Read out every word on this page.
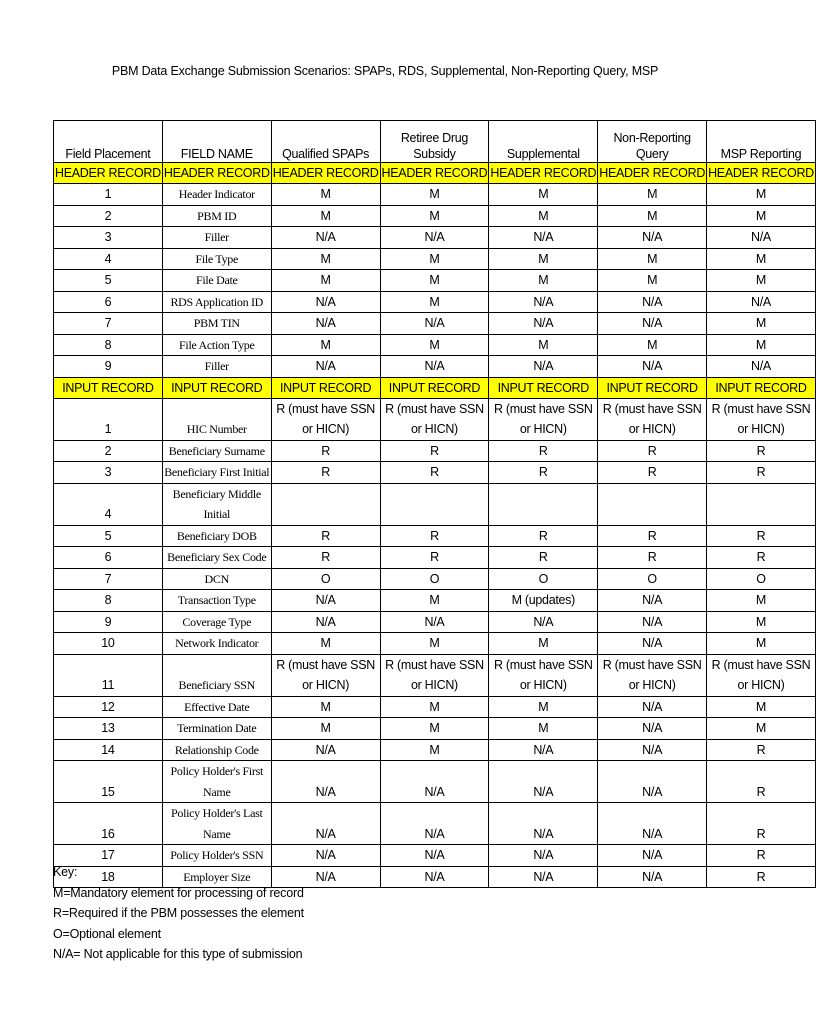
PBM Data Exchange Submission Scenarios: SPAPs, RDS, Supplemental, Non-Reporting Query, MSP
Field Placement	FIELD NAME	Qualified SPAPs	Retiree Drug Subsidy	Supplemental	Non-Reporting Query	MSP Reporting
HEADER RECORD	HEADER RECORD	HEADER RECORD	HEADER RECORD	HEADER RECORD	HEADER RECORD	HEADER RECORD
1	Header Indicator	M	M	M	M	M
2	PBM ID	M	M	M	M	M
3	Filler	N/A	N/A	N/A	N/A	N/A
4	File Type	M	M	M	M	M
5	File Date	M	M	M	M	M
6	RDS Application ID	N/A	M	N/A	N/A	N/A
7	PBM TIN	N/A	N/A	N/A	N/A	M
8	File Action Type	M	M	M	M	M
9	Filler	N/A	N/A	N/A	N/A	N/A
INPUT RECORD	INPUT RECORD	INPUT RECORD	INPUT RECORD	INPUT RECORD	INPUT RECORD	INPUT RECORD
1	HIC Number	R (must have SSN or HICN)	R (must have SSN or HICN)	R (must have SSN or HICN)	R (must have SSN or HICN)	R (must have SSN or HICN)
2	Beneficiary Surname	R	R	R	R	R
3	Beneficiary First Initial	R	R	R	R	R
4	Beneficiary Middle Initial					
5	Beneficiary DOB	R	R	R	R	R
6	Beneficiary Sex Code	R	R	R	R	R
7	DCN	O	O	O	O	O
8	Transaction Type	N/A	M	M (updates)	N/A	M
9	Coverage Type	N/A	N/A	N/A	N/A	M
10	Network Indicator	M	M	M	N/A	M
11	Beneficiary SSN	R (must have SSN or HICN)	R (must have SSN or HICN)	R (must have SSN or HICN)	R (must have SSN or HICN)	R (must have SSN or HICN)
12	Effective Date	M	M	M	N/A	M
13	Termination Date	M	M	M	N/A	M
14	Relationship Code	N/A	M	N/A	N/A	R
15	Policy Holder's First Name	N/A	N/A	N/A	N/A	R
16	Policy Holder's Last Name	N/A	N/A	N/A	N/A	R
17	Policy Holder's SSN	N/A	N/A	N/A	N/A	R
18	Employer Size	N/A	N/A	N/A	N/A	R
Key:
M=Mandatory element for processing of record
R=Required if the PBM possesses the element
O=Optional element
N/A= Not applicable for this type of submission
